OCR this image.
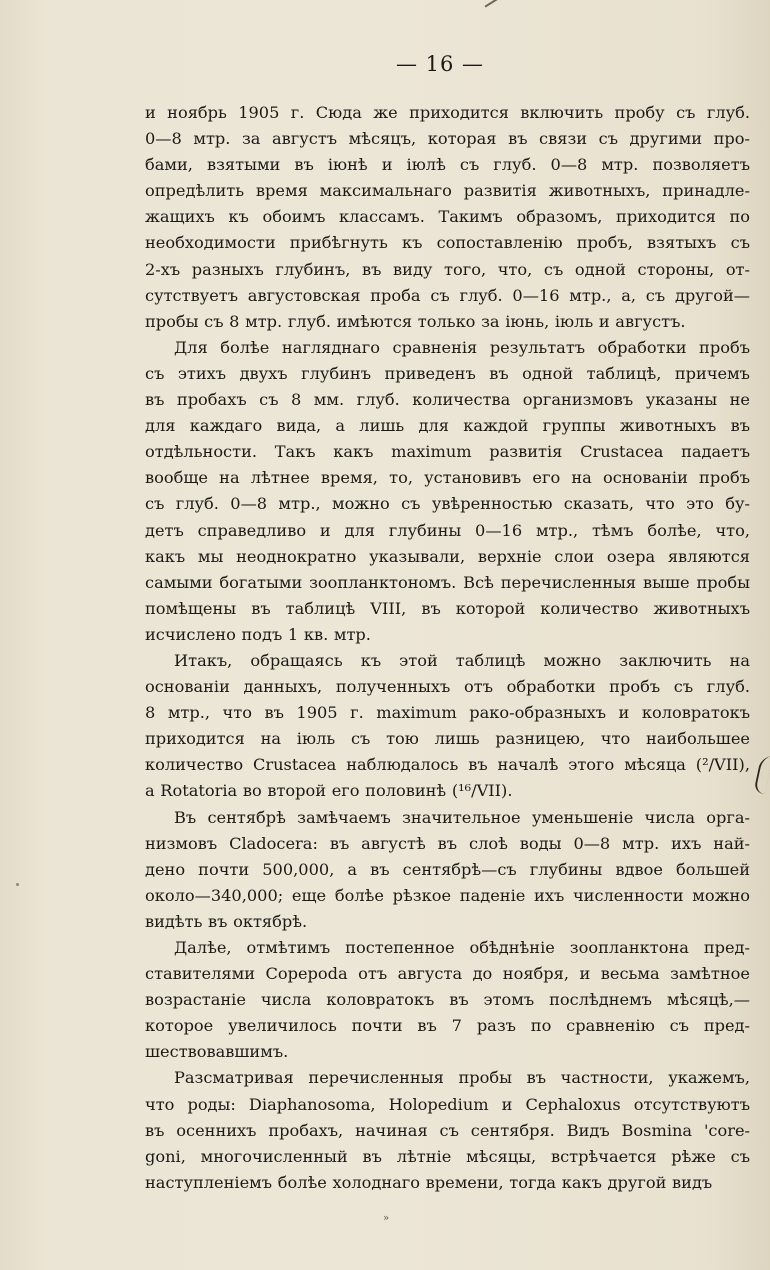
— 16 —
и ноябрь 1905 г. Сюда же приходится включить пробу съ глуб.
0—8 мтр. за августъ мѣсяцъ, которая въ связи съ другими про-
бами, взятыми въ iюнѣ и iюлѣ съ глуб. 0—8 мтр. позволяетъ
опредѣлить время максимальнаго развитiя животныхъ, принадле-
жащихъ къ обоимъ классамъ. Такимъ образомъ, приходится по
необходимости прибѣгнуть къ сопоставленiю пробъ, взятыхъ съ
2-хъ разныхъ глубинъ, въ виду того, что, съ одной стороны, от-
сутствуетъ августовская проба съ глуб. 0—16 мтр., а, съ другой—
пробы съ 8 мтр. глуб. имѣются только за iюнь, iюль и августъ.
Для болѣе нагляднаго сравненiя результатъ обработки пробъ
съ этихъ двухъ глубинъ приведенъ въ одной таблицѣ, причемъ
въ пробахъ съ 8 мм. глуб. количества организмовъ указаны не
для каждаго вида, а лишь для каждой группы животныхъ въ
отдѣльности. Такъ какъ maximum развитiя Crustacea падаетъ
вообще на лѣтнее время, то, установивъ его на основанiи пробъ
съ глуб. 0—8 мтр., можно съ увѣренностью сказать, что это бу-
детъ справедливо и для глубины 0—16 мтр., тѣмъ болѣе, что,
какъ мы неоднократно указывали, верхнiе слои озера являются
самыми богатыми зоопланктономъ. Всѣ перечисленныя выше пробы
помѣщены въ таблицѣ VIII, въ которой количество животныхъ
исчислено подъ 1 кв. мтр.
Итакъ, обращаясь къ этой таблицѣ можно заключить на
основанiи данныхъ, полученныхъ отъ обработки пробъ съ глуб.
8 мтр., что въ 1905 г. maximum рако-образныхъ и коловратокъ
приходится на iюль съ тою лишь разницею, что наибольшее
количество Crustacea наблюдалось въ началѣ этого мѣсяца (²/VII),
а Rotatoria во второй его половинѣ (¹⁶/VII).
Въ сентябрѣ замѣчаемъ значительное уменьшенiе числа орга-
низмовъ Cladocera: въ августѣ въ слоѣ воды 0—8 мтр. ихъ най-
дено почти 500,000, а въ сентябрѣ—съ глубины вдвое большей
около—340,000; еще болѣе рѣзкое паденiе ихъ численности можно
видѣть въ октябрѣ.
Далѣе, отмѣтимъ постепенное обѣднѣнiе зоопланктона пред-
ставителями Copepoda отъ августа до ноября, и весьма замѣтное
возрастанiе числа коловратокъ въ этомъ послѣднемъ мѣсяцѣ,—
которое увеличилось почти въ 7 разъ по сравненiю съ пред-
шествовавшимъ.
Разсматривая перечисленныя пробы въ частности, укажемъ,
что роды: Diaphanosoma, Holopedium и Cephaloxus отсутствуютъ
въ осеннихъ пробахъ, начиная съ сентября. Видъ Bosmina 'core-
goni, многочисленный въ лѣтнiе мѣсяцы, встрѣчается рѣже съ
наступленiемъ болѣе холоднаго времени, тогда какъ другой видъ
»
